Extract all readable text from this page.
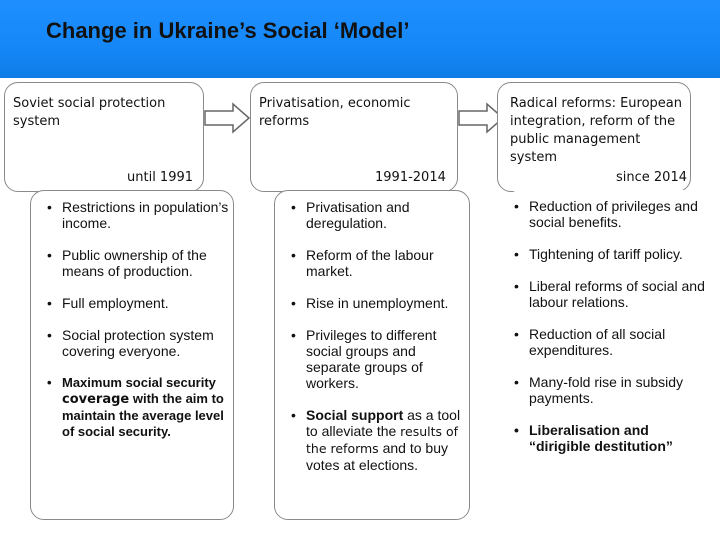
Change in Ukraine’s Social ‘Model’
Soviet social protection system
until 1991
Privatisation, economic reforms
1991-2014
Radical reforms: European integration, reform of the public management system
since 2014
• Restrictions in population’s income.
• Public ownership of the means of production.
• Full employment.
• Social protection system covering everyone.
• Maximum social security coverage with the aim to maintain the average level of social security.
• Privatisation and deregulation.
• Reform of the labour market.
• Rise in unemployment.
• Privileges to different social groups and separate groups of workers.
• Social support as a tool to alleviate the results of the reforms and to buy votes at elections.
• Reduction of privileges and social benefits.
• Tightening of tariff policy.
• Liberal reforms of social and labour relations.
• Reduction of all social expenditures.
• Many-fold rise in subsidy payments.
• Liberalisation and “dirigible destitution”
